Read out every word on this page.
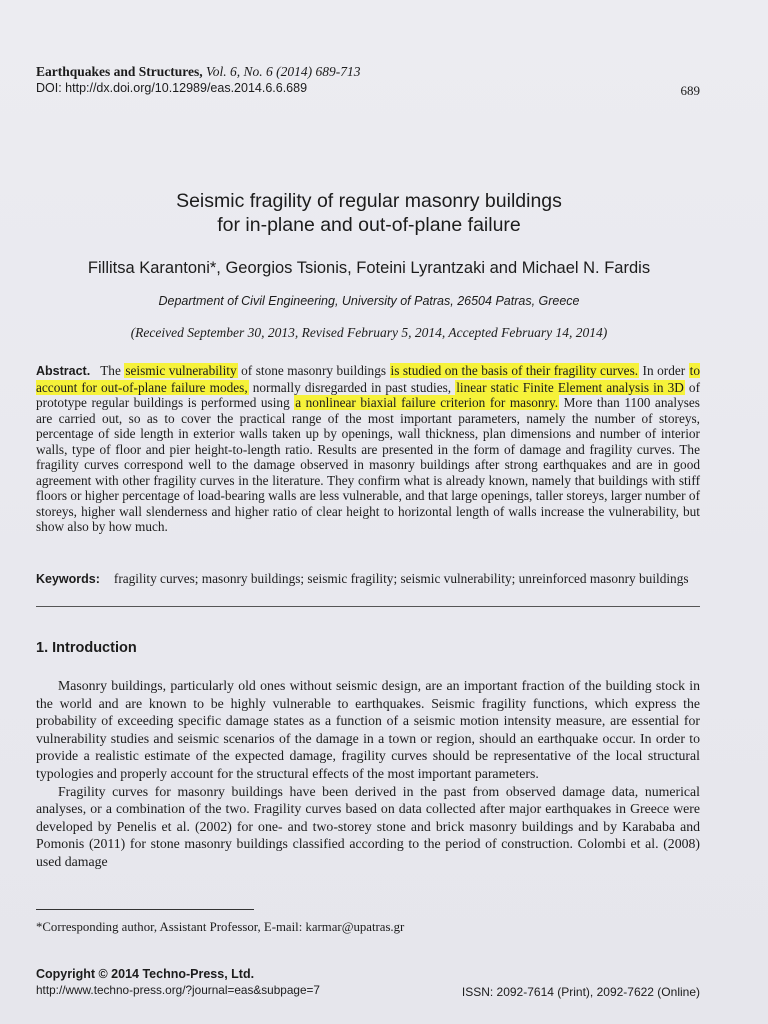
Earthquakes and Structures, Vol. 6, No. 6 (2014) 689-713
DOI: http://dx.doi.org/10.12989/eas.2014.6.6.689	689
Seismic fragility of regular masonry buildings
for in-plane and out-of-plane failure
Fillitsa Karantoni*, Georgios Tsionis, Foteini Lyrantzaki and Michael N. Fardis
Department of Civil Engineering, University of Patras, 26504 Patras, Greece
(Received September 30, 2013, Revised February 5, 2014, Accepted February 14, 2014)
Abstract. The seismic vulnerability of stone masonry buildings is studied on the basis of their fragility curves. In order to account for out-of-plane failure modes, normally disregarded in past studies, linear static Finite Element analysis in 3D of prototype regular buildings is performed using a nonlinear biaxial failure criterion for masonry. More than 1100 analyses are carried out, so as to cover the practical range of the most important parameters, namely the number of storeys, percentage of side length in exterior walls taken up by openings, wall thickness, plan dimensions and number of interior walls, type of floor and pier height-to-length ratio. Results are presented in the form of damage and fragility curves. The fragility curves correspond well to the damage observed in masonry buildings after strong earthquakes and are in good agreement with other fragility curves in the literature. They confirm what is already known, namely that buildings with stiff floors or higher percentage of load-bearing walls are less vulnerable, and that large openings, taller storeys, larger number of storeys, higher wall slenderness and higher ratio of clear height to horizontal length of walls increase the vulnerability, but show also by how much.
Keywords: fragility curves; masonry buildings; seismic fragility; seismic vulnerability; unreinforced masonry buildings
1. Introduction

Masonry buildings, particularly old ones without seismic design, are an important fraction of the building stock in the world and are known to be highly vulnerable to earthquakes. Seismic fragility functions, which express the probability of exceeding specific damage states as a function of a seismic motion intensity measure, are essential for vulnerability studies and seismic scenarios of the damage in a town or region, should an earthquake occur. In order to provide a realistic estimate of the expected damage, fragility curves should be representative of the local structural typologies and properly account for the structural effects of the most important parameters.

Fragility curves for masonry buildings have been derived in the past from observed damage data, numerical analyses, or a combination of the two. Fragility curves based on data collected after major earthquakes in Greece were developed by Penelis et al. (2002) for one- and two-storey stone and brick masonry buildings and by Karababa and Pomonis (2011) for stone masonry buildings classified according to the period of construction. Colombi et al. (2008) used damage

*Corresponding author, Assistant Professor, E-mail: karmar@upatras.gr
Copyright © 2014 Techno-Press, Ltd.
http://www.techno-press.org/?journal=eas&subpage=7	ISSN: 2092-7614 (Print), 2092-7622 (Online)
